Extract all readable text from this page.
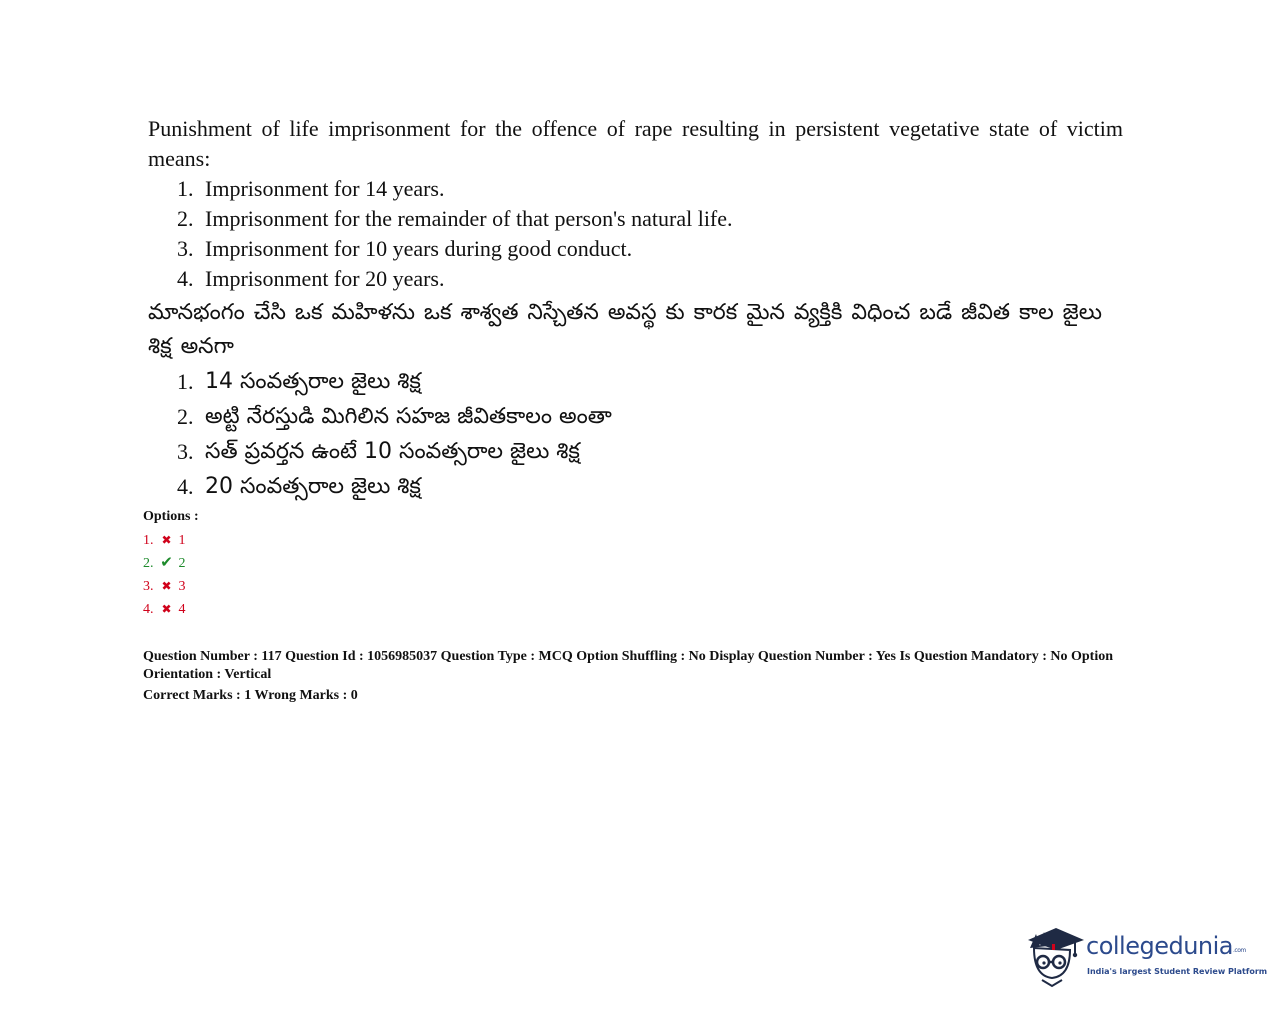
Punishment of life imprisonment for the offence of rape resulting in persistent vegetative state of victim means:

1. Imprisonment for 14 years.
2. Imprisonment for the remainder of that person's natural life.
3. Imprisonment for 10 years during good conduct.
4. Imprisonment for 20 years.

మానభంగం చేసి ఒక మహిళను ఒక శాశ్వత నిస్చేతన అవస్థ కు కారక మైన వ్యక్తికి విధించ బడే జీవిత కాల జైలు శిక్ష అనగా

1. 14 సంవత్సరాల జైలు శిక్ష
2. అట్టి నేరస్తుడి మిగిలిన సహజ జీవితకాలం అంతా
3. సత్ ప్రవర్తన ఉంటే 10 సంవత్సరాల జైలు శిక్ష
4. 20 సంవత్సరాల జైలు శిక్ష
Options :
1. ✖ 1
2. ✔ 2
3. ✖ 3
4. ✖ 4
Question Number : 117 Question Id : 1056985037 Question Type : MCQ Option Shuffling : No Display Question Number : Yes Is Question Mandatory : No Option Orientation : Vertical
Correct Marks : 1 Wrong Marks : 0
collegedunia.com
India's largest Student Review Platform
